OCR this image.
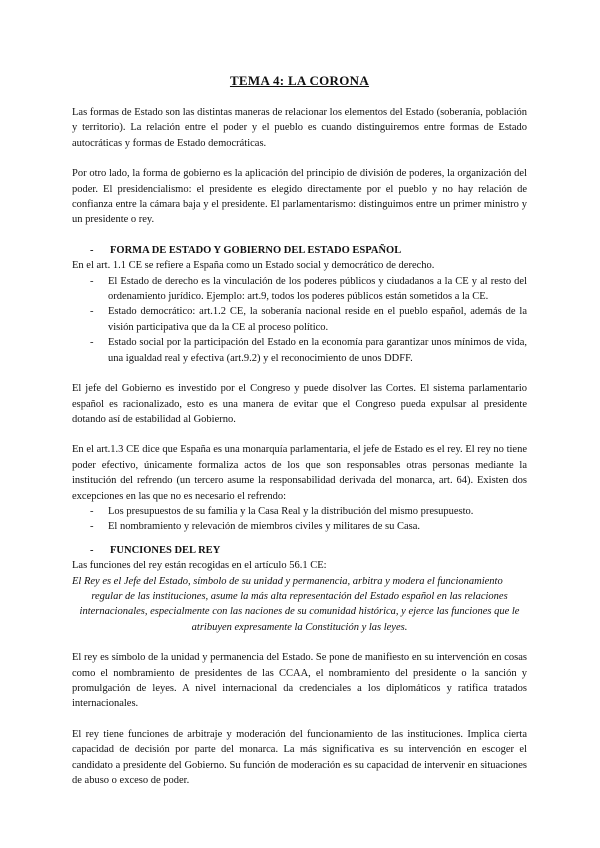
TEMA 4: LA CORONA

Las formas de Estado son las distintas maneras de relacionar los elementos del Estado (soberanía, población y territorio). La relación entre el poder y el pueblo es cuando distinguiremos entre formas de Estado autocráticas y formas de Estado democráticas.

Por otro lado, la forma de gobierno es la aplicación del principio de división de poderes, la organización del poder. El presidencialismo: el presidente es elegido directamente por el pueblo y no hay relación de confianza entre la cámara baja y el presidente. El parlamentarismo: distinguimos entre un primer ministro y un presidente o rey.

-	FORMA DE ESTADO Y GOBIERNO DEL ESTADO ESPAÑOL

En el art. 1.1 CE se refiere a España como un Estado social y democrático de derecho.

- El Estado de derecho es la vinculación de los poderes públicos y ciudadanos a la CE y al resto del ordenamiento jurídico. Ejemplo: art.9, todos los poderes públicos están sometidos a la CE.
- Estado democrático: art.1.2 CE, la soberanía nacional reside en el pueblo español, además de la visión participativa que da la CE al proceso político.
- Estado social por la participación del Estado en la economía para garantizar unos mínimos de vida, una igualdad real y efectiva (art.9.2) y el reconocimiento de unos DDFF.

El jefe del Gobierno es investido por el Congreso y puede disolver las Cortes. El sistema parlamentario español es racionalizado, esto es una manera de evitar que el Congreso pueda expulsar al presidente dotando así de estabilidad al Gobierno.

En el art.1.3 CE dice que España es una monarquía parlamentaria, el jefe de Estado es el rey. El rey no tiene poder efectivo, únicamente formaliza actos de los que son responsables otras personas mediante la institución del refrendo (un tercero asume la responsabilidad derivada del monarca, art. 64). Existen dos excepciones en las que no es necesario el refrendo:

- Los presupuestos de su familia y la Casa Real y la distribución del mismo presupuesto.
- El nombramiento y relevación de miembros civiles y militares de su Casa.
-	FUNCIONES DEL REY

Las funciones del rey están recogidas en el artículo 56.1 CE:

El Rey es el Jefe del Estado, símbolo de su unidad y permanencia, arbitra y modera el funcionamiento
regular de las instituciones, asume la más alta representación del Estado español en las relaciones internacionales, especialmente con las naciones de su comunidad histórica, y ejerce las funciones que le atribuyen expresamente la Constitución y las leyes.

El rey es símbolo de la unidad y permanencia del Estado. Se pone de manifiesto en su intervención en cosas como el nombramiento de presidentes de las CCAA, el nombramiento del presidente o la sanción y promulgación de leyes. A nivel internacional da credenciales a los diplomáticos y ratifica tratados internacionales.

El rey tiene funciones de arbitraje y moderación del funcionamiento de las instituciones. Implica cierta capacidad de decisión por parte del monarca. La más significativa es su intervención en escoger el candidato a presidente del Gobierno. Su función de moderación es su capacidad de intervenir en situaciones de abuso o exceso de poder.
